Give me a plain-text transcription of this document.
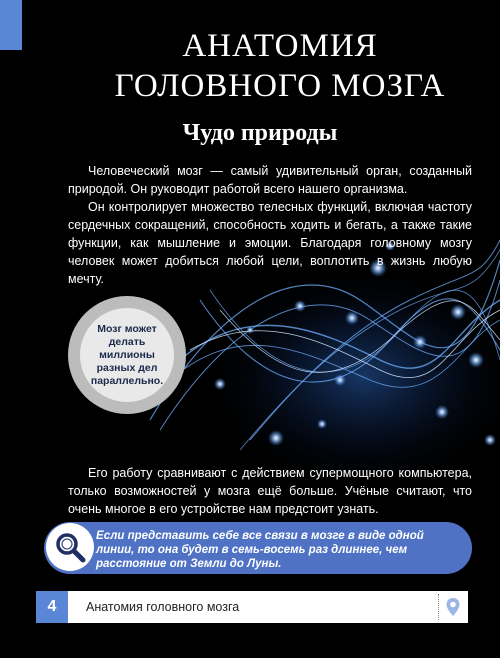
АНАТОМИЯ
ГОЛОВНОГО МОЗГА
Чудо природы

Человеческий мозг — самый удивительный орган, созданный природой. Он руководит работой всего нашего организма.

Он контролирует множество телесных функций, включая частоту сердечных сокращений, способность ходить и бегать, а также такие функции, как мышление и эмоции. Благодаря головному мозгу человек может добиться любой цели, воплотить в жизнь любую мечту.

Мозг может делать миллионы разных дел параллельно.

Его работу сравнивают с действием супермощного компьютера, только возможностей у мозга ещё больше. Учёные считают, что очень многое в его устройстве нам предстоит узнать.

Если представить себе все связи в мозге в виде одной линии, то она будет в семь-восемь раз длиннее, чем расстояние от Земли до Луны.

4	Анатомия головного мозга
